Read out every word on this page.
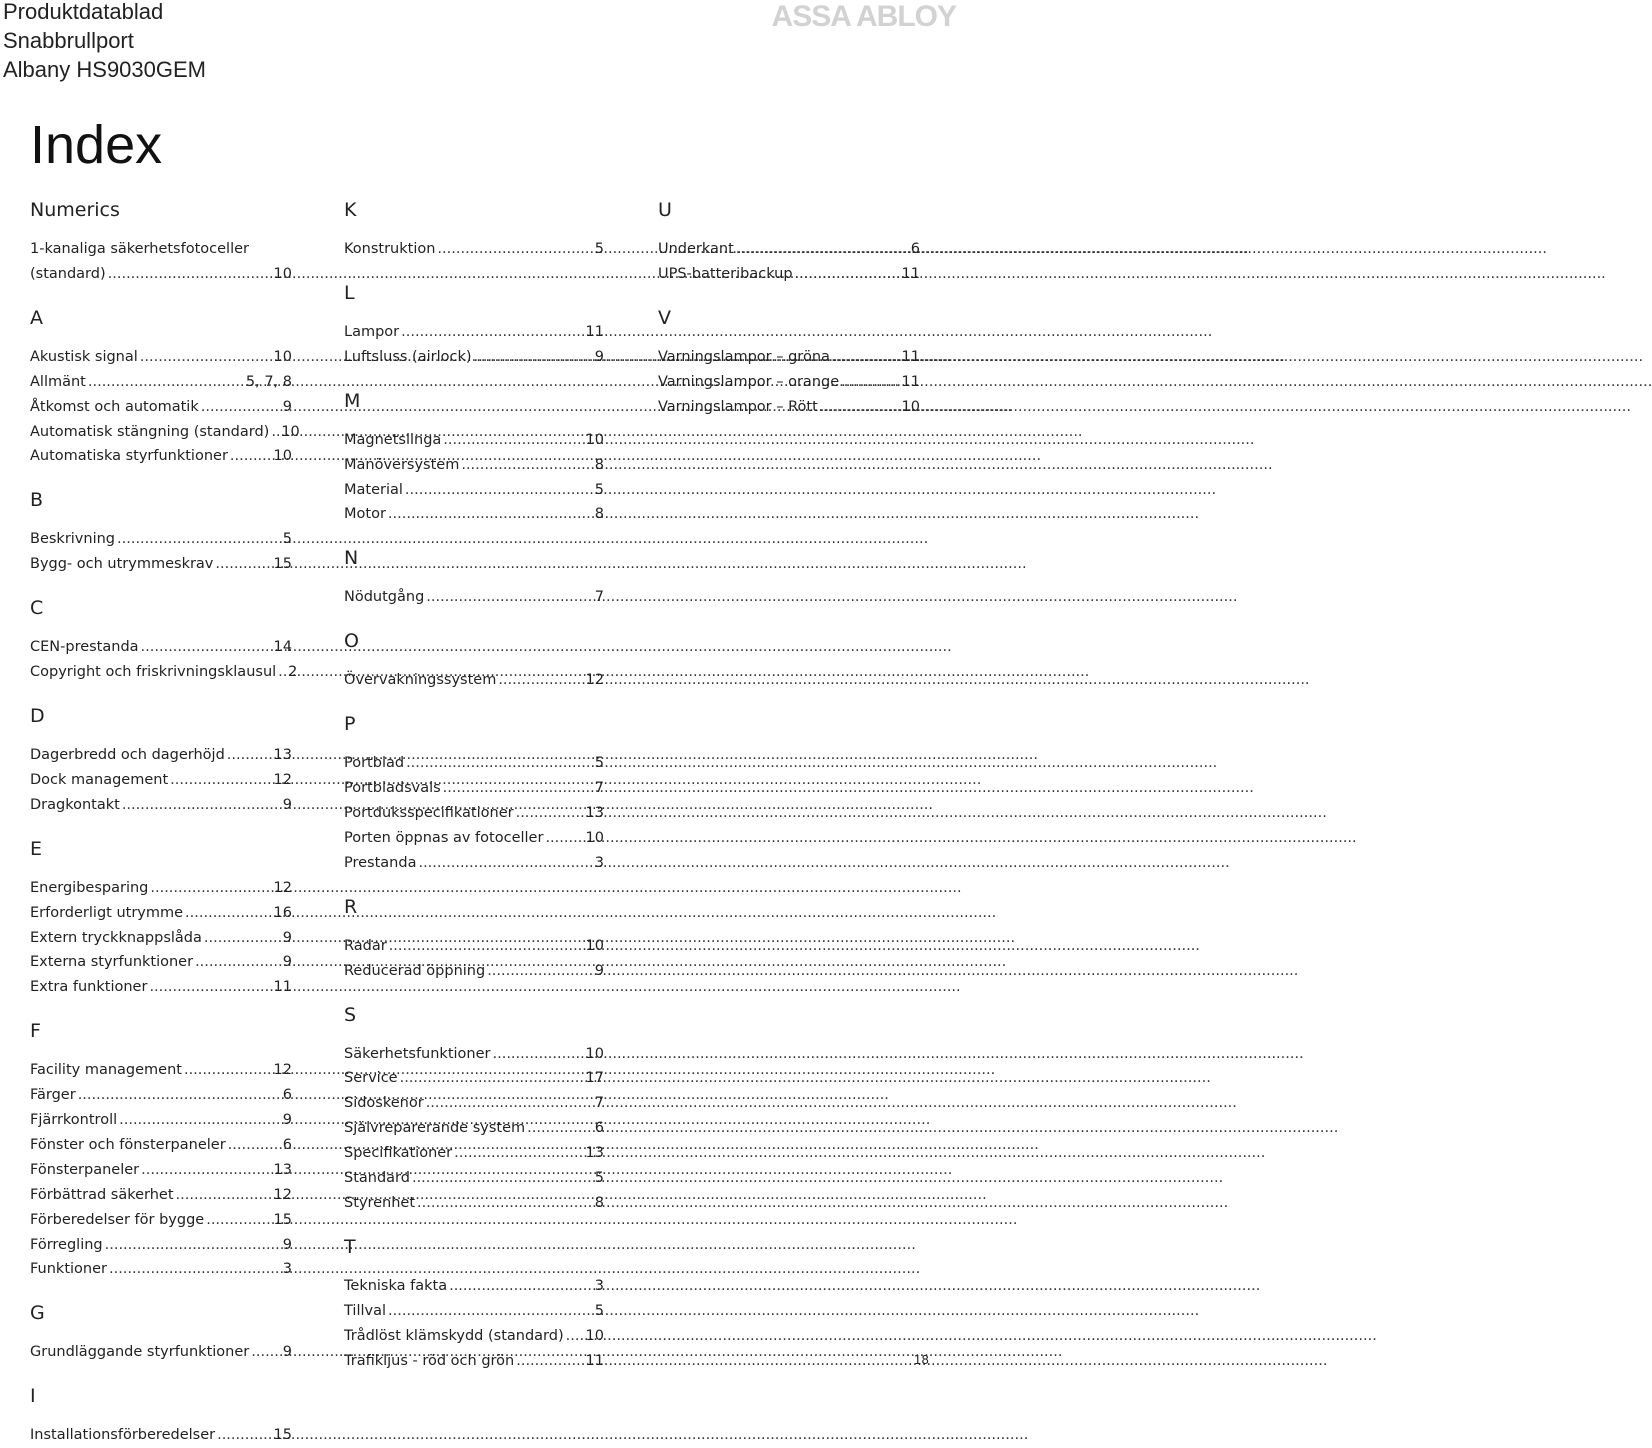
Produktdatablad
Snabbrullport
Albany HS9030GEM
ASSA ABLOY
Index
Numerics
1-kanaliga säkerhetsfotoceller
(standard) .....	10
A
Akustisk signal .....	10
Allmänt .....	5, 7, 8
Åtkomst och automatik .....	9
Automatisk stängning (standard) ..... 10
Automatiska styrfunktioner .....	10
B
Beskrivning .....	5
Bygg- och utrymmeskrav .....	15
C
CEN-prestanda .....	14
Copyright och friskrivningsklausul ..... 2
D
Dagerbredd och dagerhöjd .....	13
Dock management .....	12
Dragkontakt .....	9
E
Energibesparing .....	12
Erforderligt utrymme .....	16
Extern tryckknappslåda .....	9
Externa styrfunktioner .....	9
Extra funktioner .....	11
F
Facility management .....	12
Färger .....	6
Fjärrkontroll .....	9
Fönster och fönsterpaneler .....	6
Fönsterpaneler .....	13
Förbättrad säkerhet .....	12
Förberedelser för bygge .....	15
Förregling .....	9
Funktioner .....	3
G
Grundläggande styrfunktioner ..... 9
I
Installationsförberedelser .....	15
K
Konstruktion .....	5
L
Lampor .....	11
Luftsluss (airlock) .....	9
M
Magnetslinga .....	10
Manöversystem .....	8
Material .....	5
Motor .....	8
N
Nödutgång .....	7
O
Övervakningssystem .....	12
P
Portblad .....	5
Portbladsvals .....	7
Portduksspecifikationer .....	13
Porten öppnas av fotoceller .....	10
Prestanda .....	3
R
Radar .....	10
Reducerad öppning .....	9
S
Säkerhetsfunktioner .....	10
Service .....	17
Sidoskenor .....	7
Självreparerande system .....	6
Specifikationer .....	13
Standard .....	5
Styrenhet .....	8
T
Tekniska fakta .....	3
Tillval .....	5
Trådlöst klämskydd (standard) ..... 10
Trafikljus - röd och grön .....	11
U
Underkant .....	6
UPS-batteribackup .....	11
V
Varningslampor – gröna .....	11
Varningslampor – orange .....	11
Varningslampor – Rött .....	10
18
